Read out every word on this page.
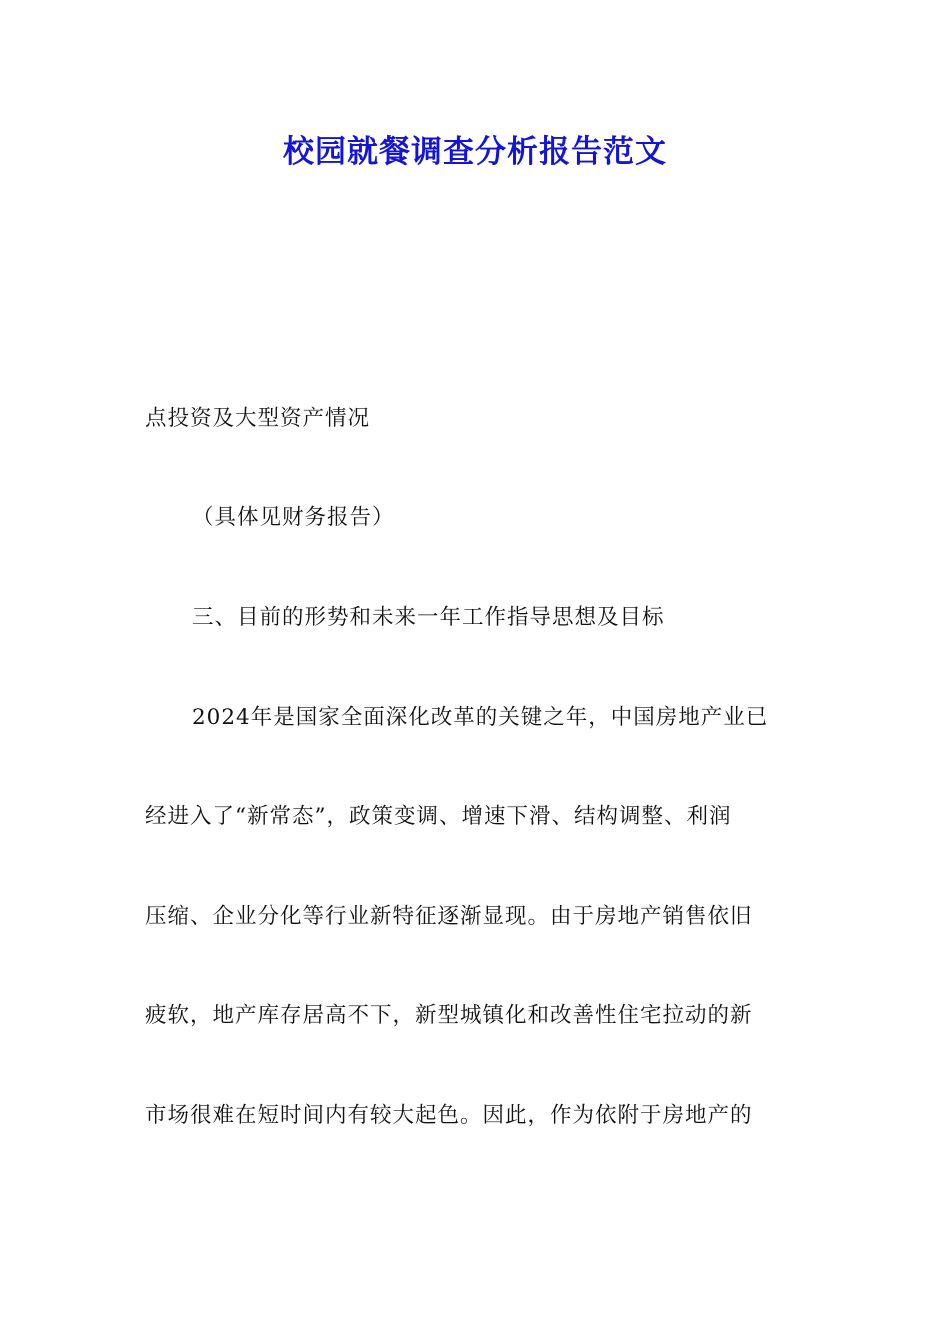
校园就餐调查分析报告范文

点投资及大型资产情况

（具体见财务报告）

三、目前的形势和未来一年工作指导思想及目标

2024年是国家全面深化改革的关键之年，中国房地产业已

经进入了“新常态”，政策变调、增速下滑、结构调整、利润

压缩、企业分化等行业新特征逐渐显现。由于房地产销售依旧

疲软，地产库存居高不下，新型城镇化和改善性住宅拉动的新

市场很难在短时间内有较大起色。因此，作为依附于房地产的
